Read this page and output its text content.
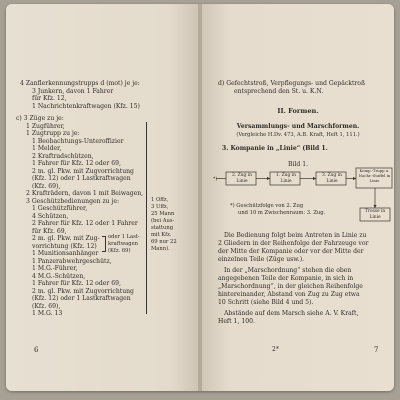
4 Zanflerkennungstrupps d (mot) je je:
3 Junkern, davon 1 Fahrer
für Kfz. 12,
1 Nachrichtenkraftwagen (Kfz. 15)
c) 3 Züge zu je:
1 Zugführer,
1 Zugtrupp zu je:
1 Beobachtungs-Unteroffizier
1 Melder,
2 Kraftradschützen,
1 Fahrer für Kfz. 12 oder 69,
2 m. gl. Pkw. mit Zugvorrichtung
(Kfz. 12) oder 1 Lastkraftwagen
(Kfz. 69),
2 Krafträdern, davon 1 mit Beiwagen,
3 Geschützbedienungen zu je:
1 Geschützführer,
4 Schützen,
2 Fahrer für Kfz. 12 oder 1 Fahrer
für Kfz. 69,
2 m. gl. Pkw. mit Zug-
vorrichtung (Kfz. 12)
1 Munitionsanhänger
1 Panzerabwehrgeschütz,
1 M.G.-Führer,
4 M.G.-Schützen,
1 Fahrer für Kfz. 12 oder 69,
2 m. gl. Pkw. mit Zugvorrichtung
(Kfz. 12) oder 1 Lastkraftwagen
(Kfz. 69),
1 M.G. 13
oder 1 Last-
kraftwagen
(Kfz. 69)
1 Offz,
3 Uffz,
25 Mann
(bei Aus-
stattung
mit Kfz.
69 nur 22
Mann).
6
d) Gefechtstroß, Verpflegungs- und Gepäcktroß
entsprechend den St. u. K.N.
II. Formen.
Versammlungs- und Marschformen.
(Vergleiche H.Dv. 473, A.B. Kraft, Heft 1, 111.)
3. Kompanie in „Linie“ (Bild 1.
Bild 1.
*)
2. Zug in Linie
1. Zug in Linie
3. Zug in Linie
Komp.-Trupp u. Nachr.-Staffel in Linie
Trosse in Linie
*) Geschützfolge von 2. Zug
und 10 m Zwischenraum: 3. Zug.
Die Bedienung folgt beim Antreten in Linie zu
2 Gliedern in der Reihenfolge der Fahrzeuge vor
der Mitte der Kompanie oder vor der Mitte der
einzelnen Teile (Züge usw.).
In der „Marschordnung“ stehen die oben
angegebenen Teile der Kompanie, in sich in
„Marschordnung“, in der gleichen Reihenfolge
hintereinander, Abstand von Zug zu Zug etwa
10 Schritt (siehe Bild 4 und 5).
Abstände auf dem Marsch siehe A. V. Kraft,
Heft 1, 100.
2*	7
